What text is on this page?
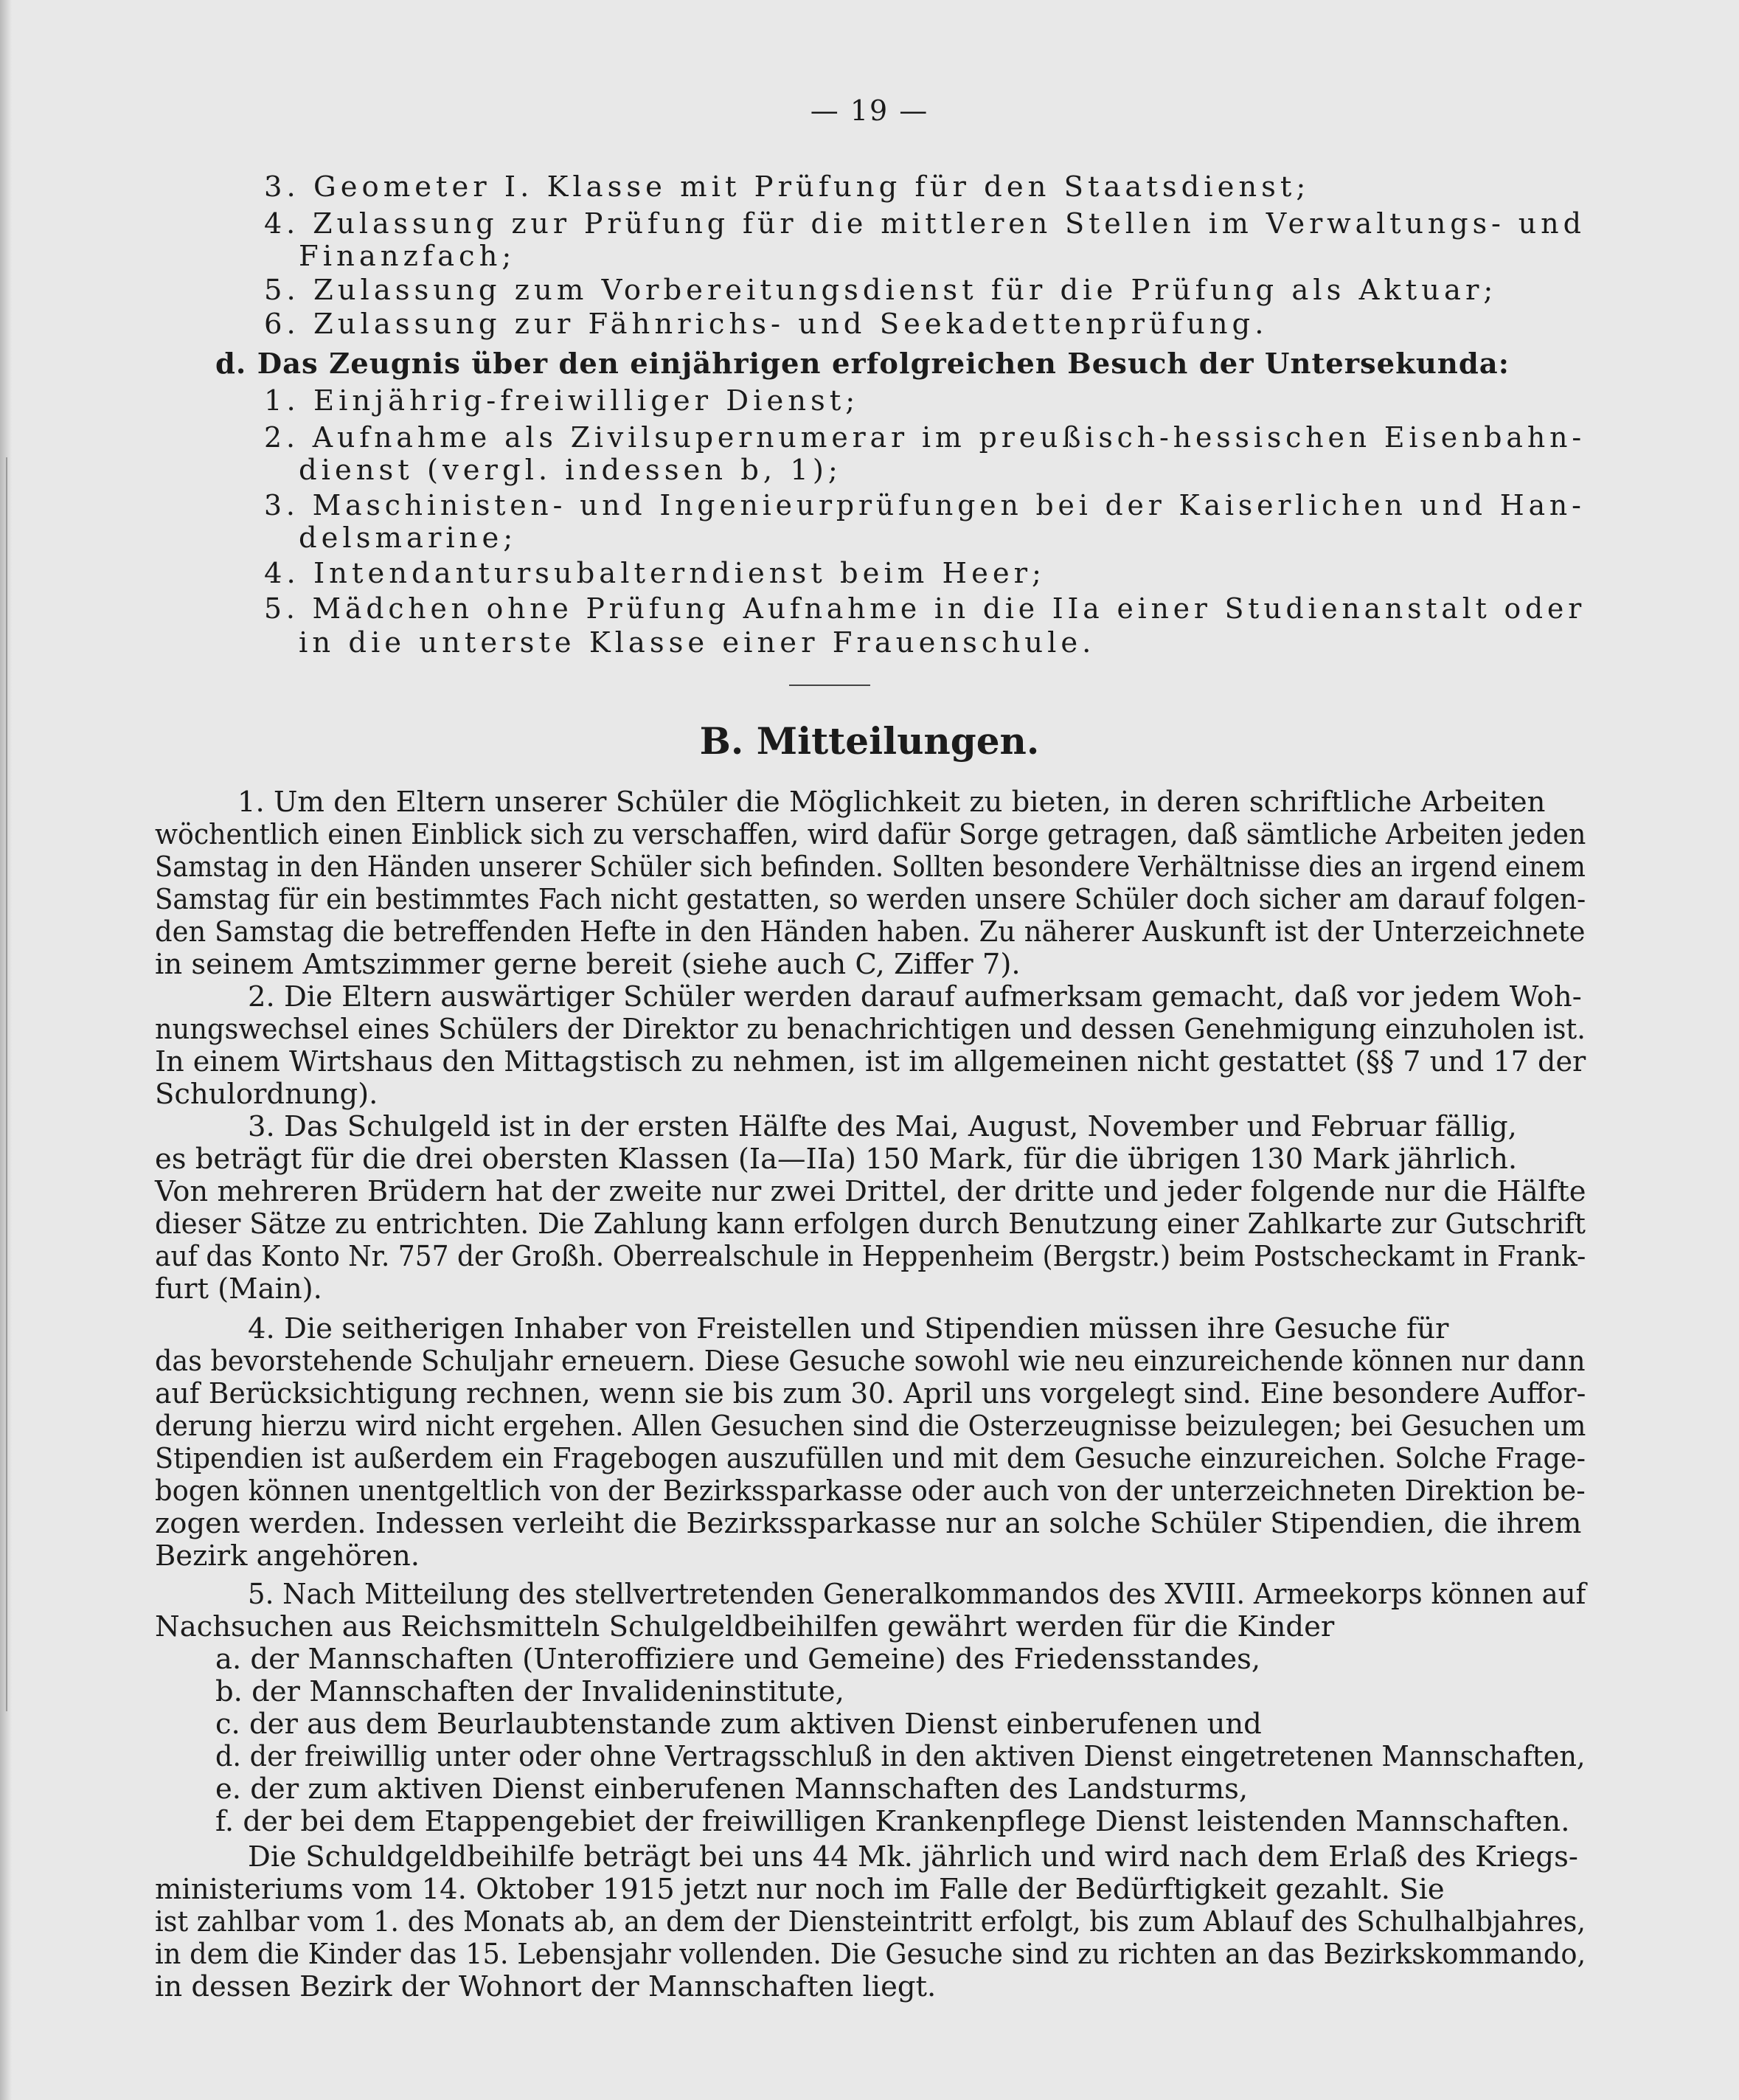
— 19 —
3. Geometer I. Klasse mit Prüfung für den Staatsdienst;
4. Zulassung zur Prüfung für die mittleren Stellen im Verwaltungs- und
Finanzfach;
5. Zulassung zum Vorbereitungsdienst für die Prüfung als Aktuar;
6. Zulassung zur Fähnrichs- und Seekadettenprüfung.
d. Das Zeugnis über den einjährigen erfolgreichen Besuch der Untersekunda:
1. Einjährig-freiwilliger Dienst;
2. Aufnahme als Zivilsupernumerar im preußisch-hessischen Eisenbahn-
dienst (vergl. indessen b, 1);
3. Maschinisten- und Ingenieurprüfungen bei der Kaiserlichen und Han-
delsmarine;
4. Intendantursubalterndienst beim Heer;
5. Mädchen ohne Prüfung Aufnahme in die IIa einer Studienanstalt oder
in die unterste Klasse einer Frauenschule.
B. Mitteilungen.
1. Um den Eltern unserer Schüler die Möglichkeit zu bieten, in deren schriftliche Arbeiten
wöchentlich einen Einblick sich zu verschaffen, wird dafür Sorge getragen, daß sämtliche Arbeiten jeden
Samstag in den Händen unserer Schüler sich befinden. Sollten besondere Verhältnisse dies an irgend einem
Samstag für ein bestimmtes Fach nicht gestatten, so werden unsere Schüler doch sicher am darauf folgen-
den Samstag die betreffenden Hefte in den Händen haben. Zu näherer Auskunft ist der Unterzeichnete
in seinem Amtszimmer gerne bereit (siehe auch C, Ziffer 7).
2. Die Eltern auswärtiger Schüler werden darauf aufmerksam gemacht, daß vor jedem Woh-
nungswechsel eines Schülers der Direktor zu benachrichtigen und dessen Genehmigung einzuholen ist.
In einem Wirtshaus den Mittagstisch zu nehmen, ist im allgemeinen nicht gestattet (§§ 7 und 17 der
Schulordnung).
3. Das Schulgeld ist in der ersten Hälfte des Mai, August, November und Februar fällig,
es beträgt für die drei obersten Klassen (Ia—IIa) 150 Mark, für die übrigen 130 Mark jährlich.
Von mehreren Brüdern hat der zweite nur zwei Drittel, der dritte und jeder folgende nur die Hälfte
dieser Sätze zu entrichten. Die Zahlung kann erfolgen durch Benutzung einer Zahlkarte zur Gutschrift
auf das Konto Nr. 757 der Großh. Oberrealschule in Heppenheim (Bergstr.) beim Postscheckamt in Frank-
furt (Main).
4. Die seitherigen Inhaber von Freistellen und Stipendien müssen ihre Gesuche für
das bevorstehende Schuljahr erneuern. Diese Gesuche sowohl wie neu einzureichende können nur dann
auf Berücksichtigung rechnen, wenn sie bis zum 30. April uns vorgelegt sind. Eine besondere Auffor-
derung hierzu wird nicht ergehen. Allen Gesuchen sind die Osterzeugnisse beizulegen; bei Gesuchen um
Stipendien ist außerdem ein Fragebogen auszufüllen und mit dem Gesuche einzureichen. Solche Frage-
bogen können unentgeltlich von der Bezirkssparkasse oder auch von der unterzeichneten Direktion be-
zogen werden. Indessen verleiht die Bezirkssparkasse nur an solche Schüler Stipendien, die ihrem
Bezirk angehören.
5. Nach Mitteilung des stellvertretenden Generalkommandos des XVIII. Armeekorps können auf
Nachsuchen aus Reichsmitteln Schulgeldbeihilfen gewährt werden für die Kinder
a. der Mannschaften (Unteroffiziere und Gemeine) des Friedensstandes,
b. der Mannschaften der Invalideninstitute,
c. der aus dem Beurlaubtenstande zum aktiven Dienst einberufenen und
d. der freiwillig unter oder ohne Vertragsschluß in den aktiven Dienst eingetretenen Mannschaften,
e. der zum aktiven Dienst einberufenen Mannschaften des Landsturms,
f. der bei dem Etappengebiet der freiwilligen Krankenpflege Dienst leistenden Mannschaften.
Die Schuldgeldbeihilfe beträgt bei uns 44 Mk. jährlich und wird nach dem Erlaß des Kriegs-
ministeriums vom 14. Oktober 1915 jetzt nur noch im Falle der Bedürftigkeit gezahlt. Sie
ist zahlbar vom 1. des Monats ab, an dem der Diensteintritt erfolgt, bis zum Ablauf des Schulhalbjahres,
in dem die Kinder das 15. Lebensjahr vollenden. Die Gesuche sind zu richten an das Bezirkskommando,
in dessen Bezirk der Wohnort der Mannschaften liegt.
